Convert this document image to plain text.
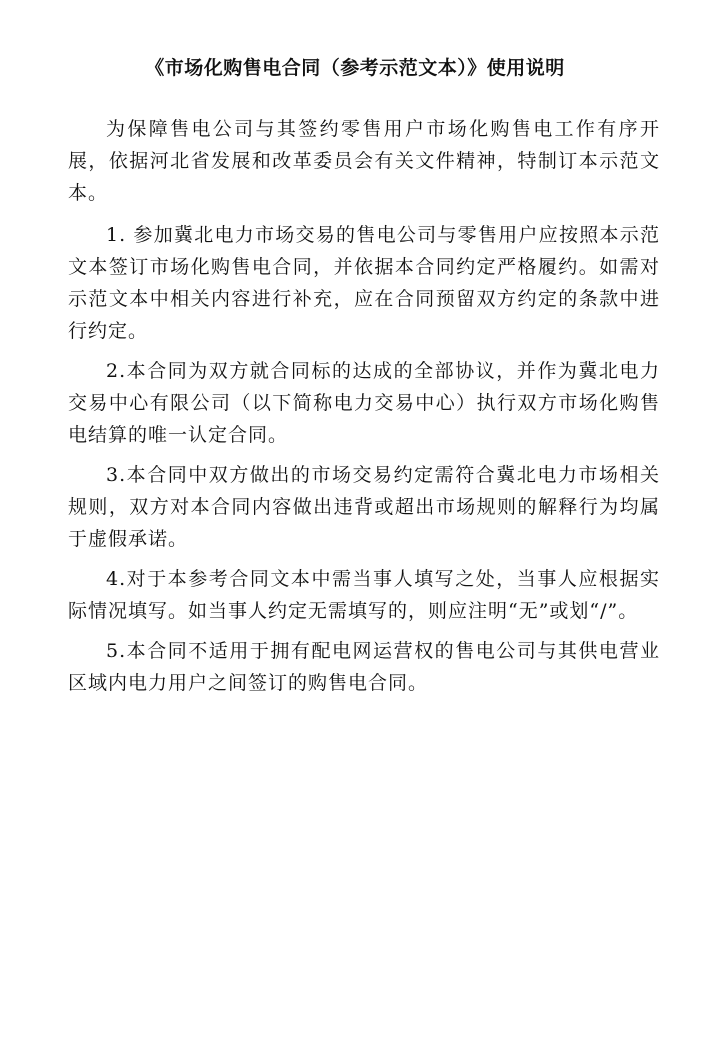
《市场化购售电合同（参考示范文本）》使用说明

为保障售电公司与其签约零售用户市场化购售电工作有序开展，依据河北省发展和改革委员会有关文件精神，特制订本示范文本。

1. 参加冀北电力市场交易的售电公司与零售用户应按照本示范文本签订市场化购售电合同，并依据本合同约定严格履约。如需对示范文本中相关内容进行补充，应在合同预留双方约定的条款中进行约定。

2.本合同为双方就合同标的达成的全部协议，并作为冀北电力交易中心有限公司（以下简称电力交易中心）执行双方市场化购售电结算的唯一认定合同。

3.本合同中双方做出的市场交易约定需符合冀北电力市场相关规则，双方对本合同内容做出违背或超出市场规则的解释行为均属于虚假承诺。

4.对于本参考合同文本中需当事人填写之处，当事人应根据实际情况填写。如当事人约定无需填写的，则应注明“无”或划“/”。

5.本合同不适用于拥有配电网运营权的售电公司与其供电营业区域内电力用户之间签订的购售电合同。
